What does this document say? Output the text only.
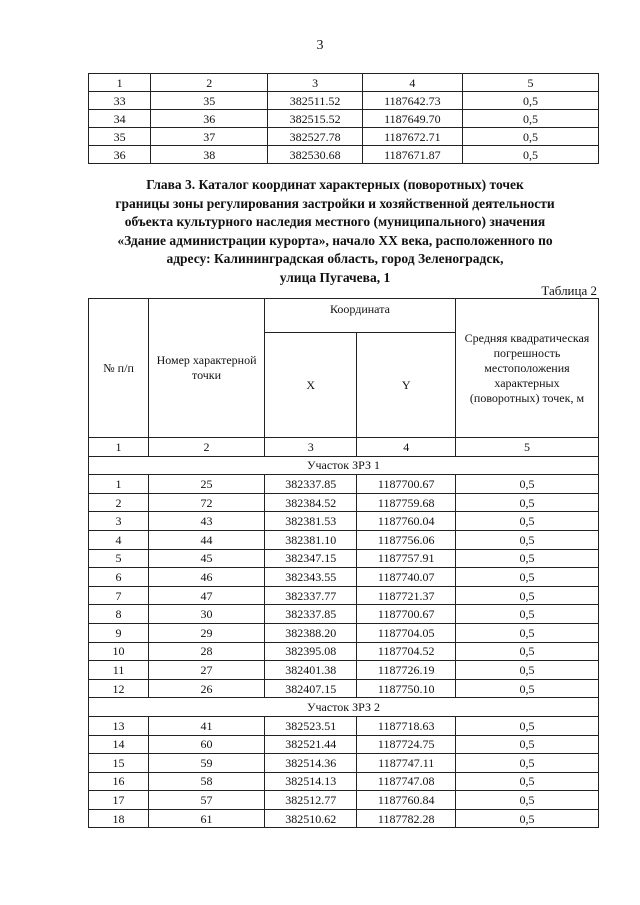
3
1	2	3	4	5
33	35	382511.52	1187642.73	0,5
34	36	382515.52	1187649.70	0,5
35	37	382527.78	1187672.71	0,5
36	38	382530.68	1187671.87	0,5
Глава 3. Каталог координат характерных (поворотных) точек
границы зоны регулирования застройки и хозяйственной деятельности
объекта культурного наследия местного (муниципального) значения
«Здание администрации курорта», начало XX века, расположенного по
адресу: Калининградская область, город Зеленоградск,
улица Пугачева, 1
Таблица 2
№ п/п	Номер характерной точки	Координата		Средняя квадратическая погрешность местоположения характерных (поворотных) точек, м
		X	Y	
1	2	3	4	5
Участок ЗРЗ 1				
1	25	382337.85	1187700.67	0,5
2	72	382384.52	1187759.68	0,5
3	43	382381.53	1187760.04	0,5
4	44	382381.10	1187756.06	0,5
5	45	382347.15	1187757.91	0,5
6	46	382343.55	1187740.07	0,5
7	47	382337.77	1187721.37	0,5
8	30	382337.85	1187700.67	0,5
9	29	382388.20	1187704.05	0,5
10	28	382395.08	1187704.52	0,5
11	27	382401.38	1187726.19	0,5
12	26	382407.15	1187750.10	0,5
Участок ЗРЗ 2				
13	41	382523.51	1187718.63	0,5
14	60	382521.44	1187724.75	0,5
15	59	382514.36	1187747.11	0,5
16	58	382514.13	1187747.08	0,5
17	57	382512.77	1187760.84	0,5
18	61	382510.62	1187782.28	0,5
